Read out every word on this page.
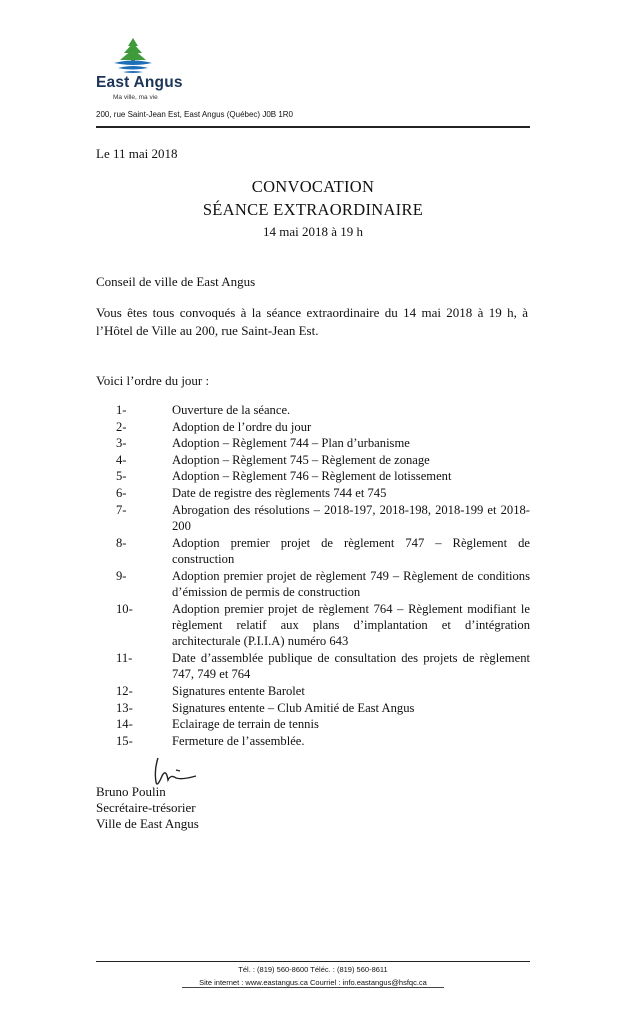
East Angus
Ma ville, ma vie
200, rue Saint-Jean Est, East Angus (Québec) J0B 1R0
Le 11 mai 2018
CONVOCATION
SÉANCE EXTRAORDINAIRE
14 mai 2018 à 19 h
Conseil de ville de East Angus
Vous êtes tous convoqués à la séance extraordinaire du 14 mai 2018 à 19 h, à l’Hôtel de Ville au 200, rue Saint-Jean Est.
Voici l’ordre du jour :
1-	Ouverture de la séance.
2-	Adoption de l’ordre du jour
3-	Adoption – Règlement 744 – Plan d’urbanisme
4-	Adoption – Règlement 745 – Règlement de zonage
5-	Adoption – Règlement 746 – Règlement de lotissement
6-	Date de registre des règlements 744 et 745
7-	Abrogation des résolutions – 2018-197, 2018-198, 2018-199 et 2018-200
8-	Adoption premier projet de règlement 747 – Règlement de construction
9-	Adoption premier projet de règlement 749 – Règlement de conditions d’émission de permis de construction
10-	Adoption premier projet de règlement 764 – Règlement modifiant le règlement relatif aux plans d’implantation et d’intégration architecturale (P.I.I.A) numéro 643
11-	Date d’assemblée publique de consultation des projets de règlement 747, 749 et 764
12-	Signatures entente Barolet
13-	Signatures entente – Club Amitié de East Angus
14-	Eclairage de terrain de tennis
15-	Fermeture de l’assemblée.
Bruno Poulin
Secrétaire-trésorier
Ville de East Angus
Tél. : (819) 560-8600 Téléc. : (819) 560-8611
Site internet : www.eastangus.ca Courriel : info.eastangus@hsfqc.ca
